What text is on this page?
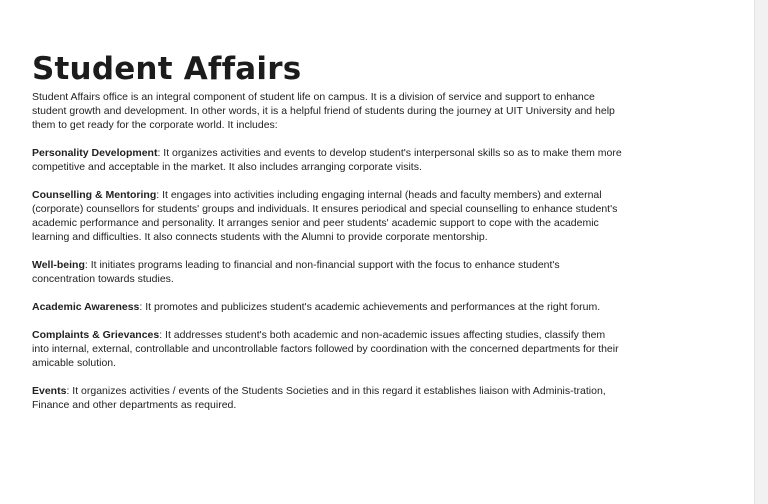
Student Affairs

Student Affairs office is an integral component of student life on campus. It is a division of service and support to enhance student growth and development. In other words, it is a helpful friend of students during the journey at UIT University and help them to get ready for the corporate world. It includes:

Personality Development: It organizes activities and events to develop student's interpersonal skills so as to make them more competitive and acceptable in the market. It also includes arranging corporate visits.

Counselling & Mentoring: It engages into activities including engaging internal (heads and faculty members) and external (corporate) counsellors for students' groups and individuals. It ensures periodical and special counselling to enhance student's academic performance and personality. It arranges senior and peer students' academic support to cope with the academic learning and difficulties. It also connects students with the Alumni to provide corporate mentorship.

Well-being: It initiates programs leading to financial and non-financial support with the focus to enhance student's concentration towards studies.

Academic Awareness: It promotes and publicizes student's academic achievements and performances at the right forum.

Complaints & Grievances: It addresses student's both academic and non-academic issues affecting studies, classify them into internal, external, controllable and uncontrollable factors followed by coordination with the concerned departments for their amicable solution.

Events: It organizes activities / events of the Students Societies and in this regard it establishes liaison with Adminis-tration, Finance and other departments as required.
